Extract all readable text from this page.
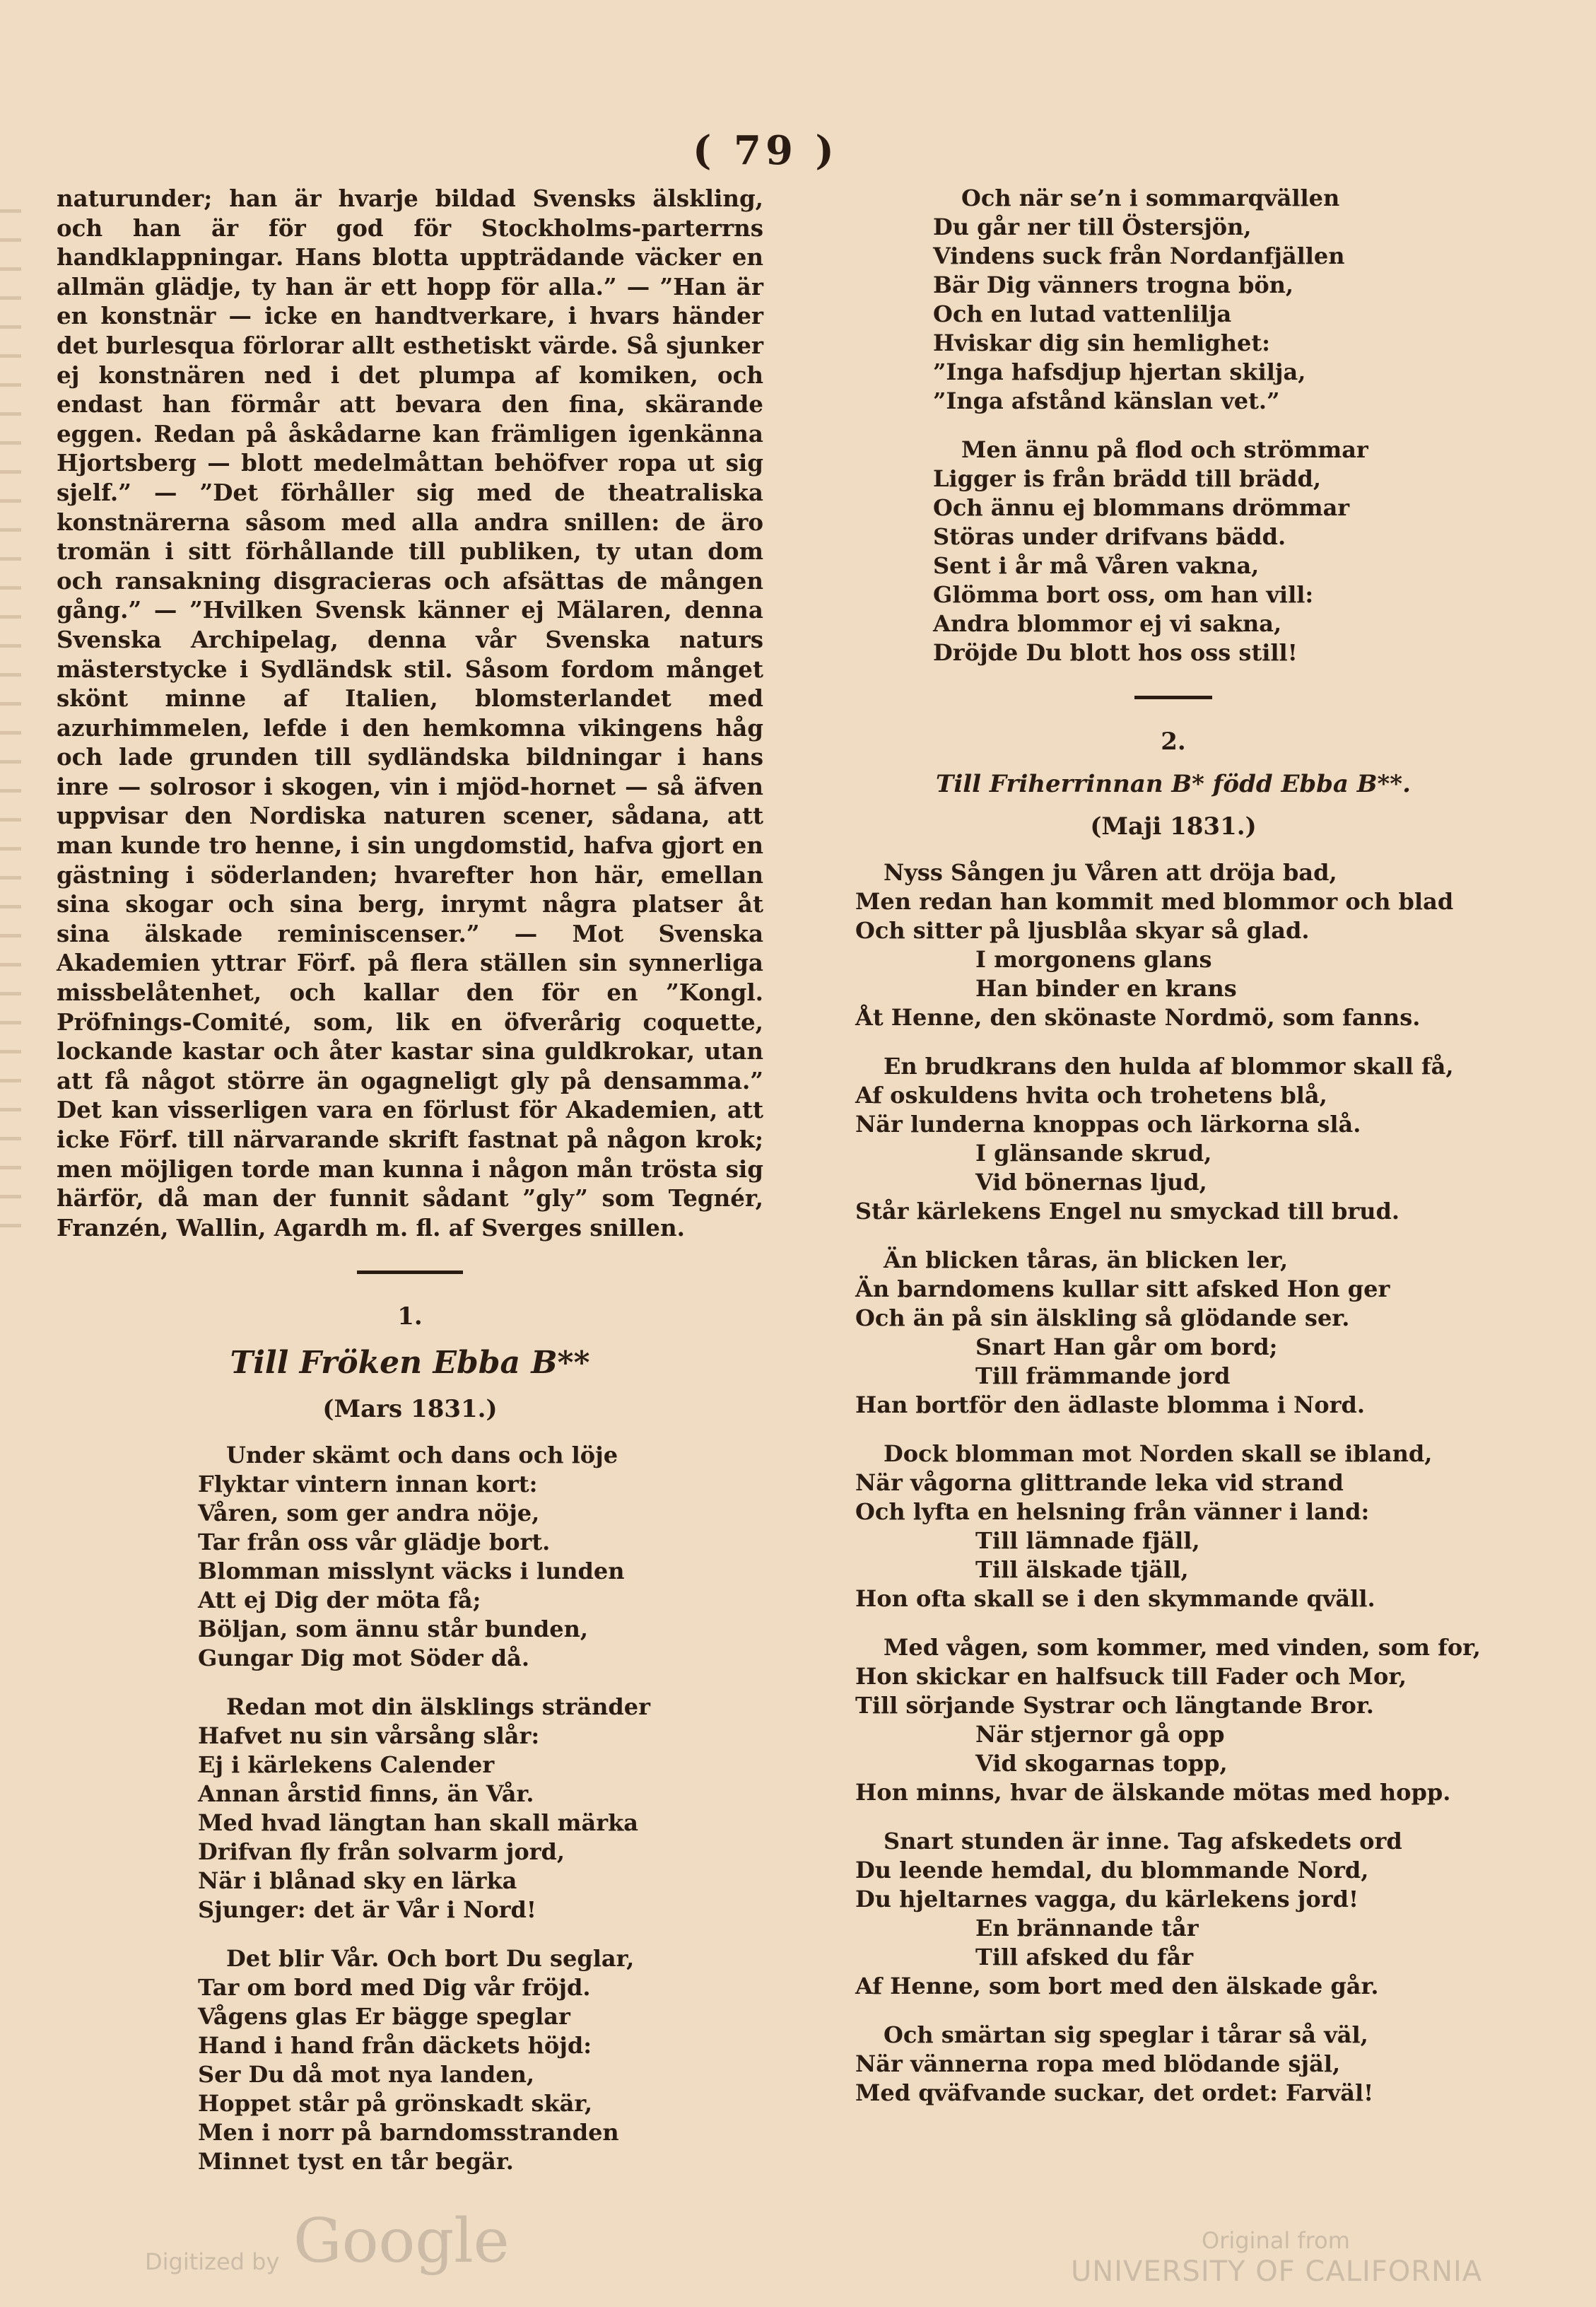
( 79 )

naturunder; han är hvarje bildad Svensks älskling, och han är för god för Stockholms-parterrns handklappningar. Hans blotta uppträdande väcker en allmän glädje, ty han är ett hopp för alla.” — ”Han är en konstnär — icke en handtverkare, i hvars händer det burlesqua förlorar allt esthetiskt värde. Så sjunker ej konstnären ned i det plumpa af komiken, och endast han förmår att bevara den fina, skärande eggen. Redan på åskådarne kan främligen igenkänna Hjortsberg — blott medelmåttan behöfver ropa ut sig sjelf.” — ”Det förhåller sig med de theatraliska konstnärerna såsom med alla andra snillen: de äro tromän i sitt förhållande till publiken, ty utan dom och ransakning disgracieras och afsättas de mången gång.” — ”Hvilken Svensk känner ej Mälaren, denna Svenska Archipelag, denna vår Svenska naturs mästerstycke i Sydländsk stil. Såsom fordom månget skönt minne af Italien, blomsterlandet med azurhimmelen, lefde i den hemkomna vikingens håg och lade grunden till sydländska bildningar i hans inre — solrosor i skogen, vin i mjöd-hornet — så äfven uppvisar den Nordiska naturen scener, sådana, att man kunde tro henne, i sin ungdomstid, hafva gjort en gästning i söderlanden; hvarefter hon här, emellan sina skogar och sina berg, inrymt några platser åt sina älskade reminiscenser.” — Mot Svenska Akademien yttrar Förf. på flera ställen sin synnerliga missbelåtenhet, och kallar den för en ”Kongl. Pröfnings-Comité, som, lik en öfverårig coquette, lockande kastar och åter kastar sina guldkrokar, utan att få något större än ogagneligt gly på densamma.” Det kan visserligen vara en förlust för Akademien, att icke Förf. till närvarande skrift fastnat på någon krok; men möjligen torde man kunna i någon mån trösta sig härför, då man der funnit sådant ”gly” som Tegnér, Franzén, Wallin, Agardh m. fl. af Sverges snillen.

1.
Till Fröken Ebba B**
(Mars 1831.)
Under skämt och dans och löje
Flyktar vintern innan kort:
Våren, som ger andra nöje,
Tar från oss vår glädje bort.
Blomman misslynt väcks i lunden
Att ej Dig der möta få;
Böljan, som ännu står bunden,
Gungar Dig mot Söder då.
Redan mot din älsklings stränder
Hafvet nu sin vårsång slår:
Ej i kärlekens Calender
Annan årstid finns, än Vår.
Med hvad längtan han skall märka
Drifvan fly från solvarm jord,
När i blånad sky en lärka
Sjunger: det är Vår i Nord!
Det blir Vår. Och bort Du seglar,
Tar om bord med Dig vår fröjd.
Vågens glas Er bägge speglar
Hand i hand från däckets höjd:
Ser Du då mot nya landen,
Hoppet står på grönskadt skär,
Men i norr på barndomsstranden
Minnet tyst en tår begär.
Och när se’n i sommarqvällen
Du går ner till Östersjön,
Vindens suck från Nordanfjällen
Bär Dig vänners trogna bön,
Och en lutad vattenlilja
Hviskar dig sin hemlighet:
”Inga hafsdjup hjertan skilja,
”Inga afstånd känslan vet.”
Men ännu på flod och strömmar
Ligger is från brädd till brädd,
Och ännu ej blommans drömmar
Störas under drifvans bädd.
Sent i år må Våren vakna,
Glömma bort oss, om han vill:
Andra blommor ej vi sakna,
Dröjde Du blott hos oss still!
2.
Till Friherrinnan B* född Ebba B**.
(Maji 1831.)
Nyss Sången ju Våren att dröja bad,
Men redan han kommit med blommor och blad
Och sitter på ljusblåa skyar så glad.
I morgonens glans
Han binder en krans
Åt Henne, den skönaste Nordmö, som fanns.
En brudkrans den hulda af blommor skall få,
Af oskuldens hvita och trohetens blå,
När lunderna knoppas och lärkorna slå.
I glänsande skrud,
Vid bönernas ljud,
Står kärlekens Engel nu smyckad till brud.
Än blicken tåras, än blicken ler,
Än barndomens kullar sitt afsked Hon ger
Och än på sin älskling så glödande ser.
Snart Han går om bord;
Till främmande jord
Han bortför den ädlaste blomma i Nord.
Dock blomman mot Norden skall se ibland,
När vågorna glittrande leka vid strand
Och lyfta en helsning från vänner i land:
Till lämnade fjäll,
Till älskade tjäll,
Hon ofta skall se i den skymmande qväll.
Med vågen, som kommer, med vinden, som for,
Hon skickar en halfsuck till Fader och Mor,
Till sörjande Systrar och längtande Bror.
När stjernor gå opp
Vid skogarnas topp,
Hon minns, hvar de älskande mötas med hopp.
Snart stunden är inne. Tag afskedets ord
Du leende hemdal, du blommande Nord,
Du hjeltarnes vagga, du kärlekens jord!
En brännande tår
Till afsked du får
Af Henne, som bort med den älskade går.
Och smärtan sig speglar i tårar så väl,
När vännerna ropa med blödande själ,
Med qväfvande suckar, det ordet: Farväl!
Digitized by Google	Original from
UNIVERSITY OF CALIFORNIA
